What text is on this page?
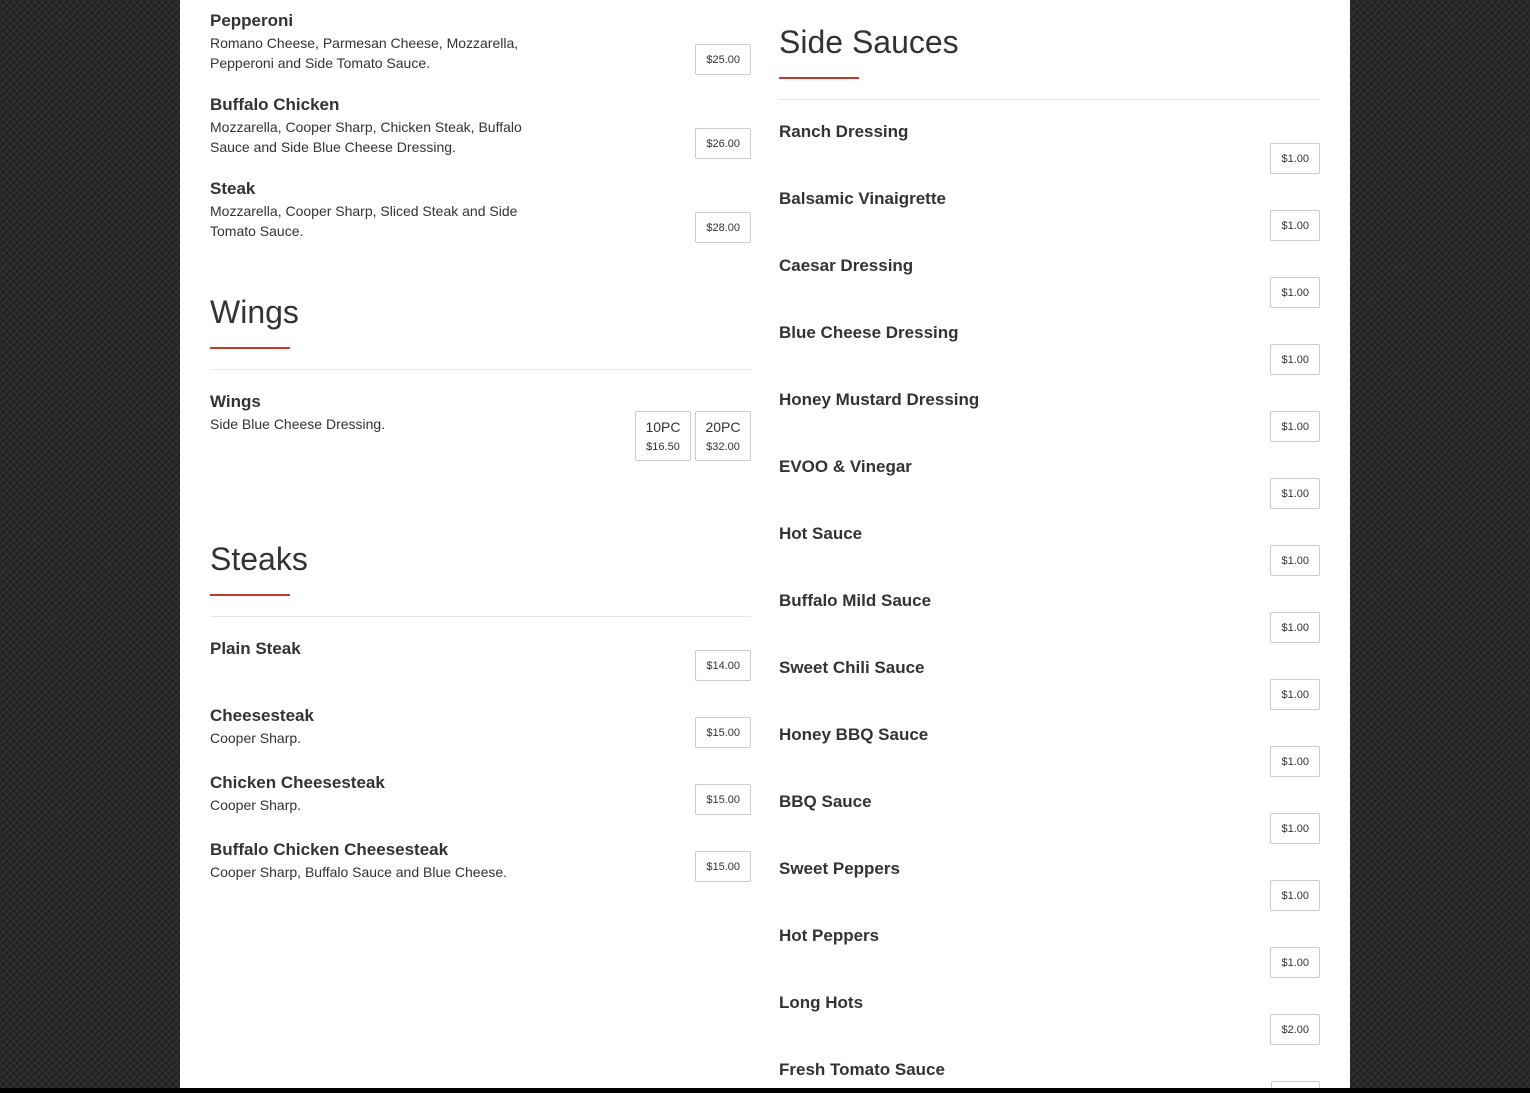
Pepperoni
Romano Cheese, Parmesan Cheese, Mozzarella, Pepperoni and Side Tomato Sauce.	$25.00
Buffalo Chicken
Mozzarella, Cooper Sharp, Chicken Steak, Buffalo Sauce and Side Blue Cheese Dressing.	$26.00
Steak
Mozzarella, Cooper Sharp, Sliced Steak and Side Tomato Sauce.	$28.00
Wings
Wings
Side Blue Cheese Dressing.	10PC
$16.50
20PC
$32.00
Steaks
Plain Steak
$14.00
Cheesesteak
Cooper Sharp.	$15.00
Chicken Cheesesteak
Cooper Sharp.	$15.00
Buffalo Chicken Cheesesteak
Cooper Sharp, Buffalo Sauce and Blue Cheese.	$15.00
Side Sauces
Ranch Dressing
$1.00
Balsamic Vinaigrette
$1.00
Caesar Dressing
$1.00
Blue Cheese Dressing
$1.00
Honey Mustard Dressing
$1.00
EVOO & Vinegar
$1.00
Hot Sauce
$1.00
Buffalo Mild Sauce
$1.00
Sweet Chili Sauce
$1.00
Honey BBQ Sauce
$1.00
BBQ Sauce
$1.00
Sweet Peppers
$1.00
Hot Peppers
$1.00
Long Hots
$2.00
Fresh Tomato Sauce
